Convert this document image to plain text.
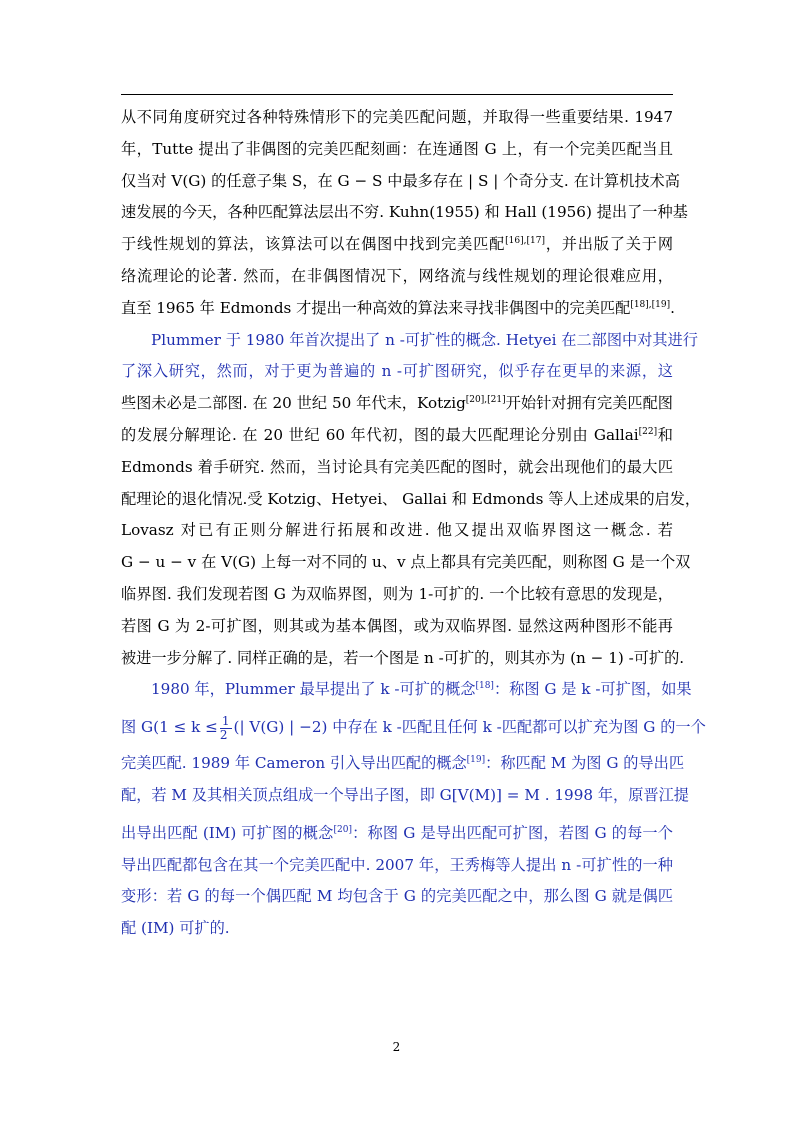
从不同角度研究过各种特殊情形下的完美匹配问题，并取得一些重要结果. 1947
年，Tutte 提出了非偶图的完美匹配刻画：在连通图 G 上，有一个完美匹配当且
仅当对 V(G) 的任意子集 S，在 G − S 中最多存在 | S | 个奇分支. 在计算机技术高
速发展的今天，各种匹配算法层出不穷. Kuhn(1955) 和 Hall (1956) 提出了一种基
于线性规划的算法，该算法可以在偶图中找到完美匹配[16],[17]，并出版了关于网
络流理论的论著. 然而，在非偶图情况下，网络流与线性规划的理论很难应用，
直至 1965 年 Edmonds 才提出一种高效的算法来寻找非偶图中的完美匹配[18],[19].
Plummer 于 1980 年首次提出了 n -可扩性的概念. Hetyei 在二部图中对其进行
了深入研究，然而，对于更为普遍的 n -可扩图研究，似乎存在更早的来源，这
些图未必是二部图. 在 20 世纪 50 年代末，Kotzig[20],[21]开始针对拥有完美匹配图
的发展分解理论. 在 20 世纪 60 年代初，图的最大匹配理论分别由 Gallai[22]和
Edmonds 着手研究. 然而，当讨论具有完美匹配的图时，就会出现他们的最大匹
配理论的退化情况.受 Kotzig、Hetyei、 Gallai 和 Edmonds 等人上述成果的启发，
Lovasz 对已有正则分解进行拓展和改进. 他又提出双临界图这一概念. 若
G − u − v 在 V(G) 上每一对不同的 u、v 点上都具有完美匹配，则称图 G 是一个双
临界图. 我们发现若图 G 为双临界图，则为 1-可扩的. 一个比较有意思的发现是，
若图 G 为 2-可扩图，则其或为基本偶图，或为双临界图. 显然这两种图形不能再
被进一步分解了. 同样正确的是，若一个图是 n -可扩的，则其亦为 (n − 1) -可扩的.
1980 年，Plummer 最早提出了 k -可扩的概念[18]：称图 G 是 k -可扩图，如果
图 $G(1 \le k \le \frac{1}{2}$ (| V(G) | −2) 中存在 k -匹配且任何 k -匹配都可以扩充为图 G 的一个
完美匹配. 1989 年 Cameron 引入导出匹配的概念[19]：称匹配 M 为图 G 的导出匹
配，若 M 及其相关顶点组成一个导出子图，即 G[V(M)] = M . 1998 年，原晋江提
出导出匹配 (IM) 可扩图的概念[20]：称图 G 是导出匹配可扩图，若图 G 的每一个
导出匹配都包含在其一个完美匹配中. 2007 年，王秀梅等人提出 n -可扩性的一种
变形：若 G 的每一个偶匹配 M 均包含于 G 的完美匹配之中，那么图 G 就是偶匹
配 (IM) 可扩的.
2
